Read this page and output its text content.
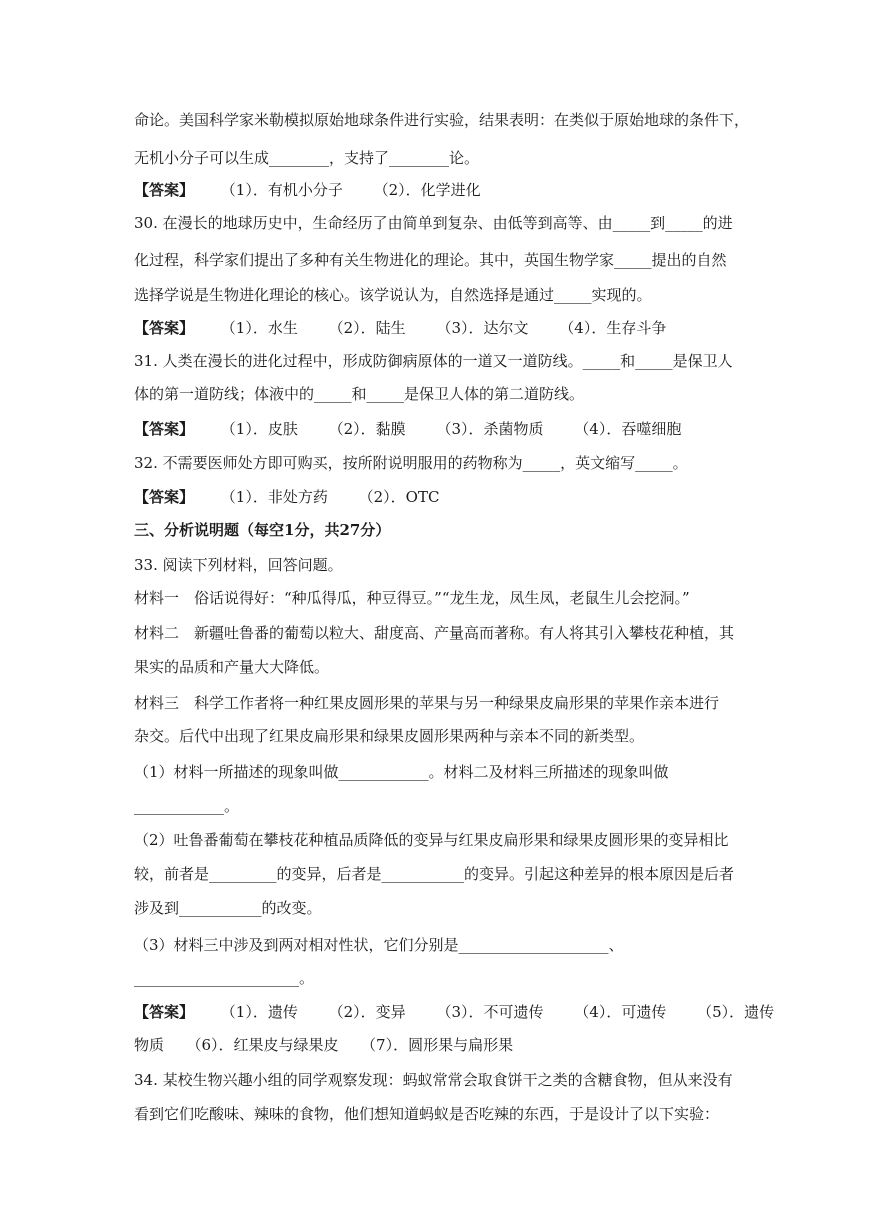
命论。美国科学家米勒模拟原始地球条件进行实验，结果表明：在类似于原始地球的条件下，
无机小分子可以生成________，支持了________论。
【答案】 （1）．有机小分子 （2）．化学进化
30. 在漫长的地球历史中，生命经历了由简单到复杂、由低等到高等、由_____到_____的进
化过程，科学家们提出了多种有关生物进化的理论。其中，英国生物学家_____提出的自然
选择学说是生物进化理论的核心。该学说认为，自然选择是通过_____实现的。
【答案】 （1）．水生 （2）．陆生 （3）．达尔文 （4）．生存斗争
31. 人类在漫长的进化过程中，形成防御病原体的一道又一道防线。_____和_____是保卫人
体的第一道防线；体液中的_____和_____是保卫人体的第二道防线。
【答案】 （1）．皮肤 （2）．黏膜 （3）．杀菌物质 （4）．吞噬细胞
32. 不需要医师处方即可购买，按所附说明服用的药物称为_____，英文缩写_____。
【答案】 （1）．非处方药 （2）．OTC
三、分析说明题（每空1分，共27分）
33. 阅读下列材料，回答问题。
材料一　俗话说得好：“种瓜得瓜，种豆得豆。”“龙生龙，凤生凤，老鼠生儿会挖洞。”
材料二　新疆吐鲁番的葡萄以粒大、甜度高、产量高而著称。有人将其引入攀枝花种植，其
果实的品质和产量大大降低。
材料三　科学工作者将一种红果皮圆形果的苹果与另一种绿果皮扁形果的苹果作亲本进行
杂交。后代中出现了红果皮扁形果和绿果皮圆形果两种与亲本不同的新类型。
（1）材料一所描述的现象叫做____________。材料二及材料三所描述的现象叫做
____________。
（2）吐鲁番葡萄在攀枝花种植品质降低的变异与红果皮扁形果和绿果皮圆形果的变异相比
较，前者是_________的变异，后者是___________的变异。引起这种差异的根本原因是后者
涉及到___________的改变。
（3）材料三中涉及到两对相对性状，它们分别是____________________、
______________________。
【答案】 （1）．遗传 （2）．变异 （3）．不可遗传 （4）．可遗传 （5）．遗传
物质　　（6）．红果皮与绿果皮　　（7）．圆形果与扁形果
34. 某校生物兴趣小组的同学观察发现：蚂蚁常常会取食饼干之类的含糖食物，但从来没有
看到它们吃酸味、辣味的食物，他们想知道蚂蚁是否吃辣的东西，于是设计了以下实验：
